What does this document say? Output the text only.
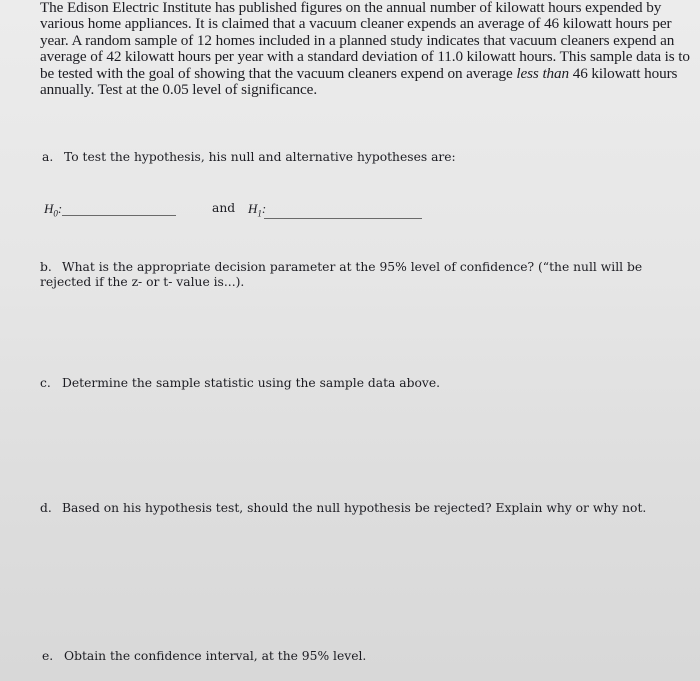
The Edison Electric Institute has published figures on the annual number of kilowatt hours expended by various home appliances. It is claimed that a vacuum cleaner expends an average of 46 kilowatt hours per year. A random sample of 12 homes included in a planned study indicates that vacuum cleaners expend an average of 42 kilowatt hours per year with a standard deviation of 11.0 kilowatt hours. This sample data is to be tested with the goal of showing that the vacuum cleaners expend on average less than 46 kilowatt hours annually. Test at the 0.05 level of significance.

a. To test the hypothesis, his null and alternative hypotheses are:

$H_0$:	and $H_1$:

b. What is the appropriate decision parameter at the 95% level of confidence? (“the null will be rejected if the z- or t- value is...).

c. Determine the sample statistic using the sample data above.

d. Based on his hypothesis test, should the null hypothesis be rejected? Explain why or why not.

e. Obtain the confidence interval, at the 95% level.
